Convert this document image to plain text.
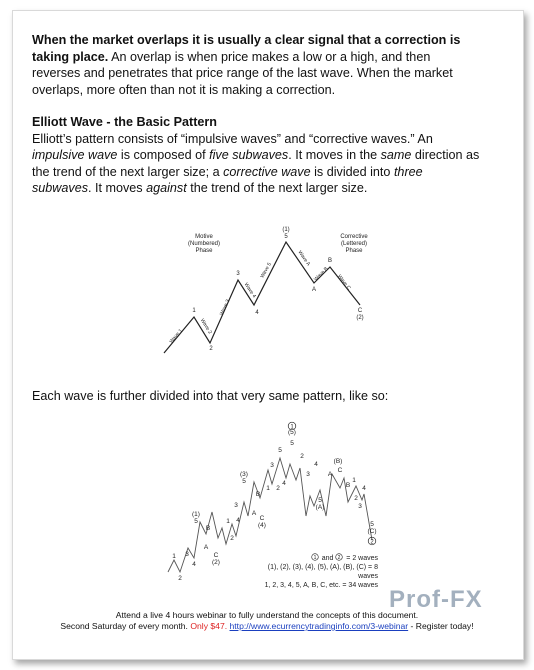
When the market overlaps it is usually a clear signal that a correction is taking place. An overlap is when price makes a low or a high, and then reverses and penetrates that price range of the last wave. When the market overlaps, more often than not it is making a correction.

Elliott Wave - the Basic Pattern

Elliott’s pattern consists of “impulsive waves” and “corrective waves.” An impulsive wave is composed of five subwaves. It moves in the same direction as the trend of the next larger size; a corrective wave is divided into three subwaves. It moves against the trend of the next larger size.

Motive
(Numbered)
Phase
Corrective
(Lettered)
Phase
1
2
3
4
(1)
5
A
B
C
(2)
Wave 1
Wave 2
Wave 3
Wave 4
Wave 5
Wave A
Wave B Wave C
Each wave is further divided into that very same pattern, like so:
1
2
3
4
(1)
5
A
B
C
(2)
1
2
3
4
(3)
5
A
B
C
(4)
1
3
2
4
5
(5)
5
2
3
4
5
(A)
A
(B)
C
B
1
2
4
3
5
(C)
1
2
1 and 2 = 2 waves
(1), (2), (3), (4), (5), (A), (B), (C) = 8 waves
1, 2, 3, 4, 5, A, B, C, etc. = 34 waves
Prof-FX
Attend a live 4 hours webinar to fully understand the concepts of this document.
Second Saturday of every month. Only $47. http://www.ecurrencytradinginfo.com/3-webinar - Register today!
